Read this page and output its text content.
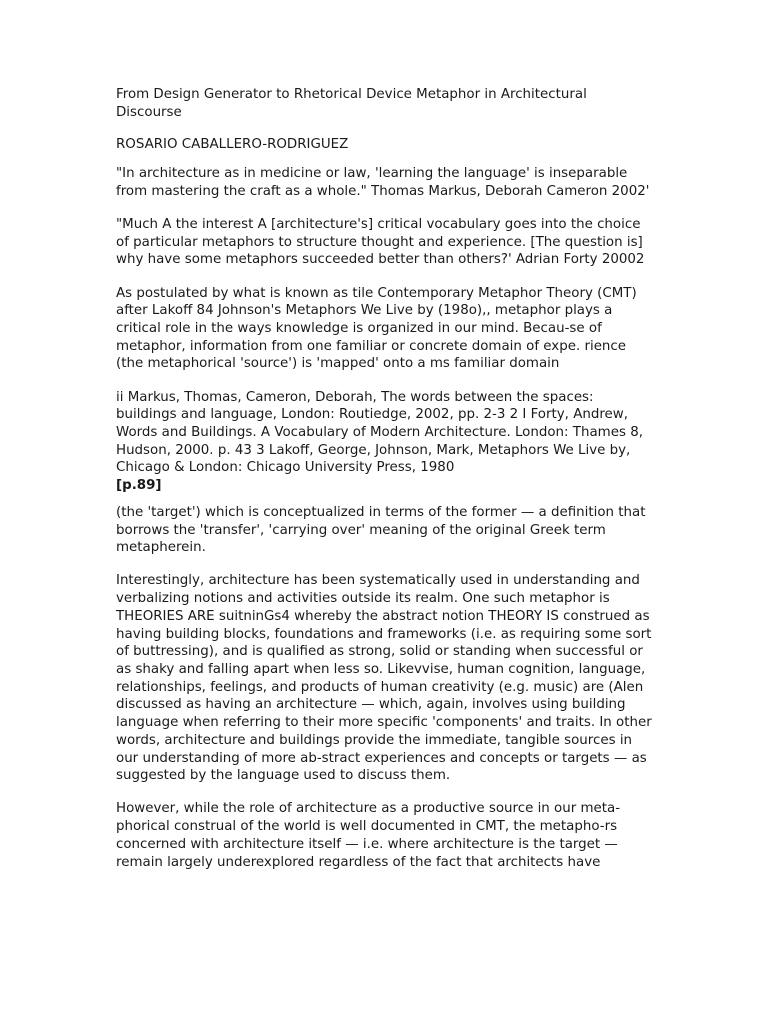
From Design Generator to Rhetorical Device Metaphor in Architectural Discourse

ROSARIO CABALLERO-RODRIGUEZ

"In architecture as in medicine or law, 'learning the language' is inseparable from mastering the craft as a whole." Thomas Markus, Deborah Cameron 2002'

"Much A the interest A [architecture's] critical vocabulary goes into the choice of particular metaphors to structure thought and experience. [The question is] why have some metaphors succeeded better than others?' Adrian Forty 20002

As postulated by what is known as tile Contemporary Metaphor Theory (CMT) after Lakoff 84 Johnson's Metaphors We Live by (198o),, metaphor plays a critical role in the ways knowledge is organized in our mind. Becau-se of metaphor, information from one familiar or concrete domain of expe. rience (the metaphorical 'source') is 'mapped' onto a ms familiar domain

ii Markus, Thomas, Cameron, Deborah, The words between the spaces: buildings and language, London: Routiedge, 2002, pp. 2-3 2 I Forty, Andrew, Words and Buildings. A Vocabulary of Modern Architecture. London: Thames 8, Hudson, 2000. p. 43 3 Lakoff, George, Johnson, Mark, Metaphors We Live by, Chicago & London: Chicago University Press, 1980
[p.89]

(the 'target') which is conceptualized in terms of the former — a definition that borrows the 'transfer', 'carrying over' meaning of the original Greek term metapherein.

Interestingly, architecture has been systematically used in understanding and verbalizing notions and activities outside its realm. One such metaphor is THEORIES ARE suitninGs4 whereby the abstract notion THEORY IS construed as having building blocks, foundations and frameworks (i.e. as requiring some sort of buttressing), and is qualified as strong, solid or standing when successful or as shaky and falling apart when less so. Likevvise, human cognition, language, relationships, feelings, and products of human creativity (e.g. music) are (Alen discussed as having an architecture — which, again, involves using building language when referring to their more specific 'components' and traits. In other words, architecture and buildings provide the immediate, tangible sources in our understanding of more ab-stract experiences and concepts or targets — as suggested by the language used to discuss them.

However, while the role of architecture as a productive source in our meta-phorical construal of the world is well documented in CMT, the metapho-rs concerned with architecture itself — i.e. where architecture is the target — remain largely underexplored regardless of the fact that architects have
